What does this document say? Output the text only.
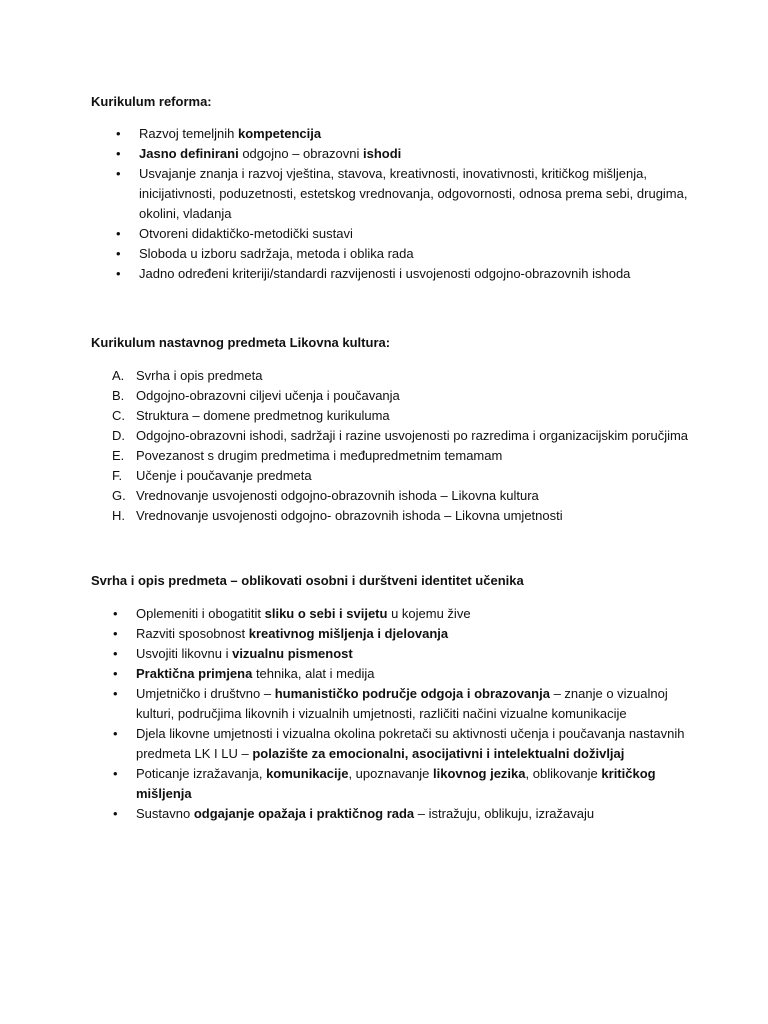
Kurikulum reforma:
• Razvoj temeljnih kompetencija
• Jasno definirani odgojno – obrazovni ishodi
• Usvajanje znanja i razvoj vještina, stavova, kreativnosti, inovativnosti, kritičkog mišljenja, inicijativnosti, poduzetnosti, estetskog vrednovanja, odgovornosti, odnosa prema sebi, drugima, okolini, vladanja
• Otvoreni didaktičko-metodički sustavi
• Sloboda u izboru sadržaja, metoda i oblika rada
• Jadno određeni kriteriji/standardi razvijenosti i usvojenosti odgojno-obrazovnih ishoda
Kurikulum nastavnog predmeta Likovna kultura:
A. Svrha i opis predmeta
B. Odgojno-obrazovni ciljevi učenja i poučavanja
C. Struktura – domene predmetnog kurikuluma
D. Odgojno-obrazovni ishodi, sadržaji i razine usvojenosti po razredima i organizacijskim poručjima
E. Povezanost s drugim predmetima i međupredmetnim temamam
F. Učenje i poučavanje predmeta
G. Vrednovanje usvojenosti odgojno-obrazovnih ishoda – Likovna kultura
H. Vrednovanje usvojenosti odgojno- obrazovnih ishoda – Likovna umjetnosti
Svrha i opis predmeta – oblikovati osobni i durštveni identitet učenika
• Oplemeniti i obogatitit sliku o sebi i svijetu u kojemu žive
• Razviti sposobnost kreativnog mišljenja i djelovanja
• Usvojiti likovnu i vizualnu pismenost
• Praktična primjena tehnika, alat i medija
• Umjetničko i društvno – humanističko područje odgoja i obrazovanja – znanje o vizualnoj kulturi, područjima likovnih i vizualnih umjetnosti, različiti načini vizualne komunikacije
• Djela likovne umjetnosti i vizualna okolina pokretači su aktivnosti učenja i poučavanja nastavnih predmeta LK I LU – polazište za emocionalni, asocijativni i intelektualni doživljaj
• Poticanje izražavanja, komunikacije, upoznavanje likovnog jezika, oblikovanje kritičkog mišljenja
• Sustavno odgajanje opažaja i praktičnog rada – istražuju, oblikuju, izražavaju
